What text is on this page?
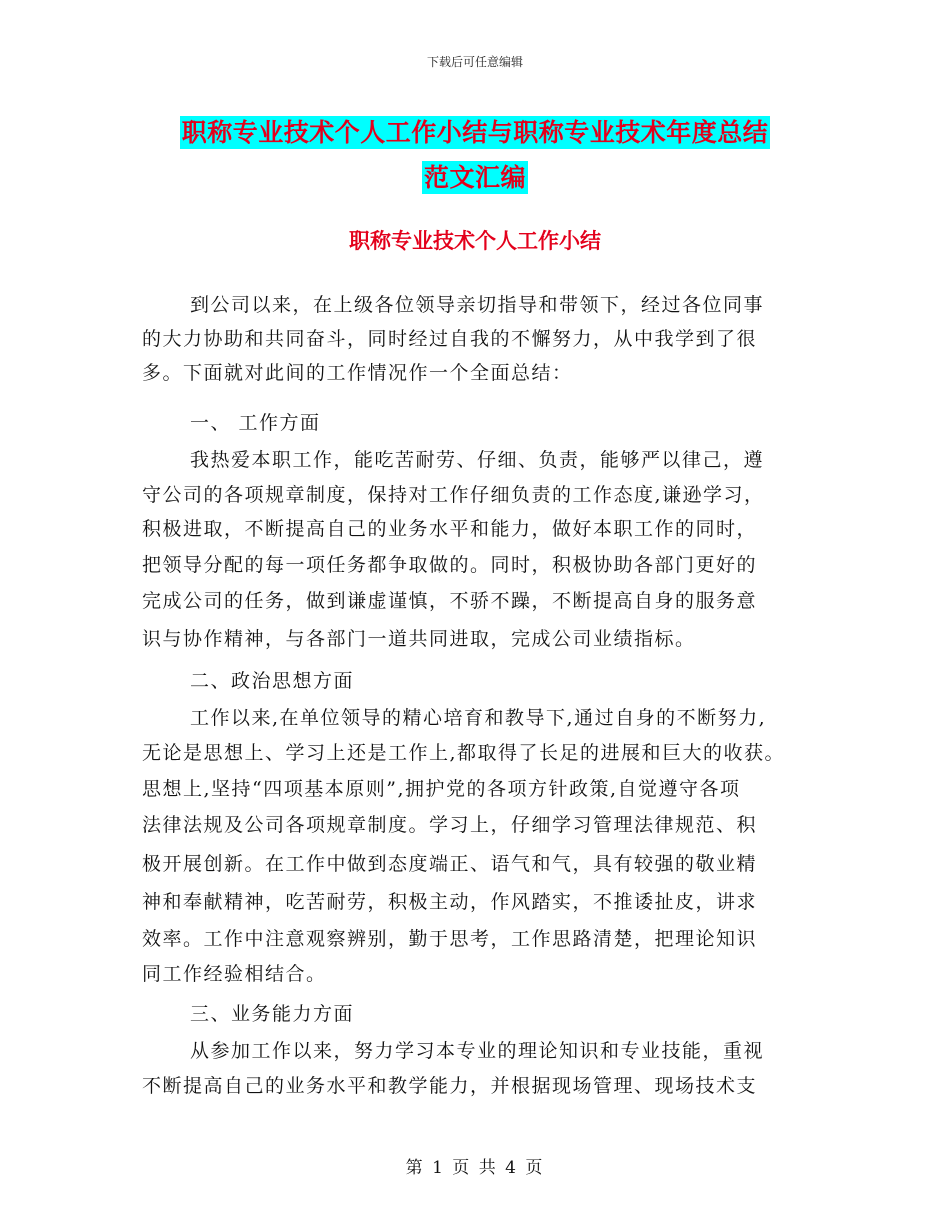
下载后可任意编辑
职称专业技术个人工作小结与职称专业技术年度总结
范文汇编
职称专业技术个人工作小结
到公司以来，在上级各位领导亲切指导和带领下，经过各位同事
的大力协助和共同奋斗，同时经过自我的不懈努力，从中我学到了很
多。下面就对此间的工作情况作一个全面总结：
一、 工作方面
我热爱本职工作，能吃苦耐劳、仔细、负责，能够严以律己，遵
守公司的各项规章制度，保持对工作仔细负责的工作态度,谦逊学习，
积极进取，不断提高自己的业务水平和能力，做好本职工作的同时，
把领导分配的每一项任务都争取做的。同时，积极协助各部门更好的
完成公司的任务，做到谦虚谨慎，不骄不躁，不断提高自身的服务意
识与协作精神，与各部门一道共同进取，完成公司业绩指标。
二、政治思想方面
工作以来,在单位领导的精心培育和教导下,通过自身的不断努力,
无论是思想上、学习上还是工作上,都取得了长足的进展和巨大的收获。
思想上,坚持“四项基本原则”,拥护党的各项方针政策,自觉遵守各项
法律法规及公司各项规章制度。学习上，仔细学习管理法律规范、积
极开展创新。在工作中做到态度端正、语气和气，具有较强的敬业精
神和奉献精神，吃苦耐劳，积极主动，作风踏实，不推诿扯皮，讲求
效率。工作中注意观察辨别，勤于思考，工作思路清楚，把理论知识
同工作经验相结合。
三、业务能力方面
从参加工作以来，努力学习本专业的理论知识和专业技能，重视
不断提高自己的业务水平和教学能力，并根据现场管理、现场技术支
第 1 页 共 4 页
